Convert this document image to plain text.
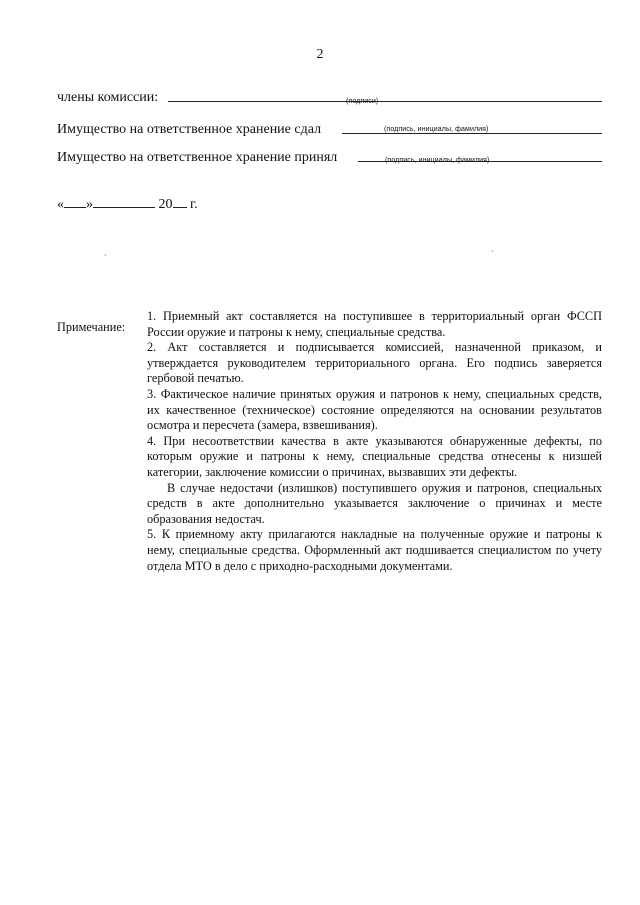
2
члены комиссии:	(подписи)
Имущество на ответственное хранение сдал	(подпись, инициалы, фамилия)
Имущество на ответственное хранение принял	(подпись, инициалы, фамилия)
« »	20 г.
ˎ	ˎ
Примечание:

1. Приемный акт составляется на поступившее в территориальный орган ФССП России оружие и патроны к нему, специальные средства.

2. Акт составляется и подписывается комиссией, назначенной приказом, и утверждается руководителем территориального органа. Его подпись заверяется гербовой печатью.

3. Фактическое наличие принятых оружия и патронов к нему, специальных средств, их качественное (техническое) состояние определяются на основании результатов осмотра и пересчета (замера, взвешивания).

4. При несоответствии качества в акте указываются обнаруженные дефекты, по которым оружие и патроны к нему, специальные средства отнесены к низшей категории, заключение комиссии о причинах, вызвавших эти дефекты.

В случае недостачи (излишков) поступившего оружия и патронов, специальных средств в акте дополнительно указывается заключение о причинах и месте образования недостач.

5. К приемному акту прилагаются накладные на полученные оружие и патроны к нему, специальные средства. Оформленный акт подшивается специалистом по учету отдела МТО в дело с приходно-расходными документами.
